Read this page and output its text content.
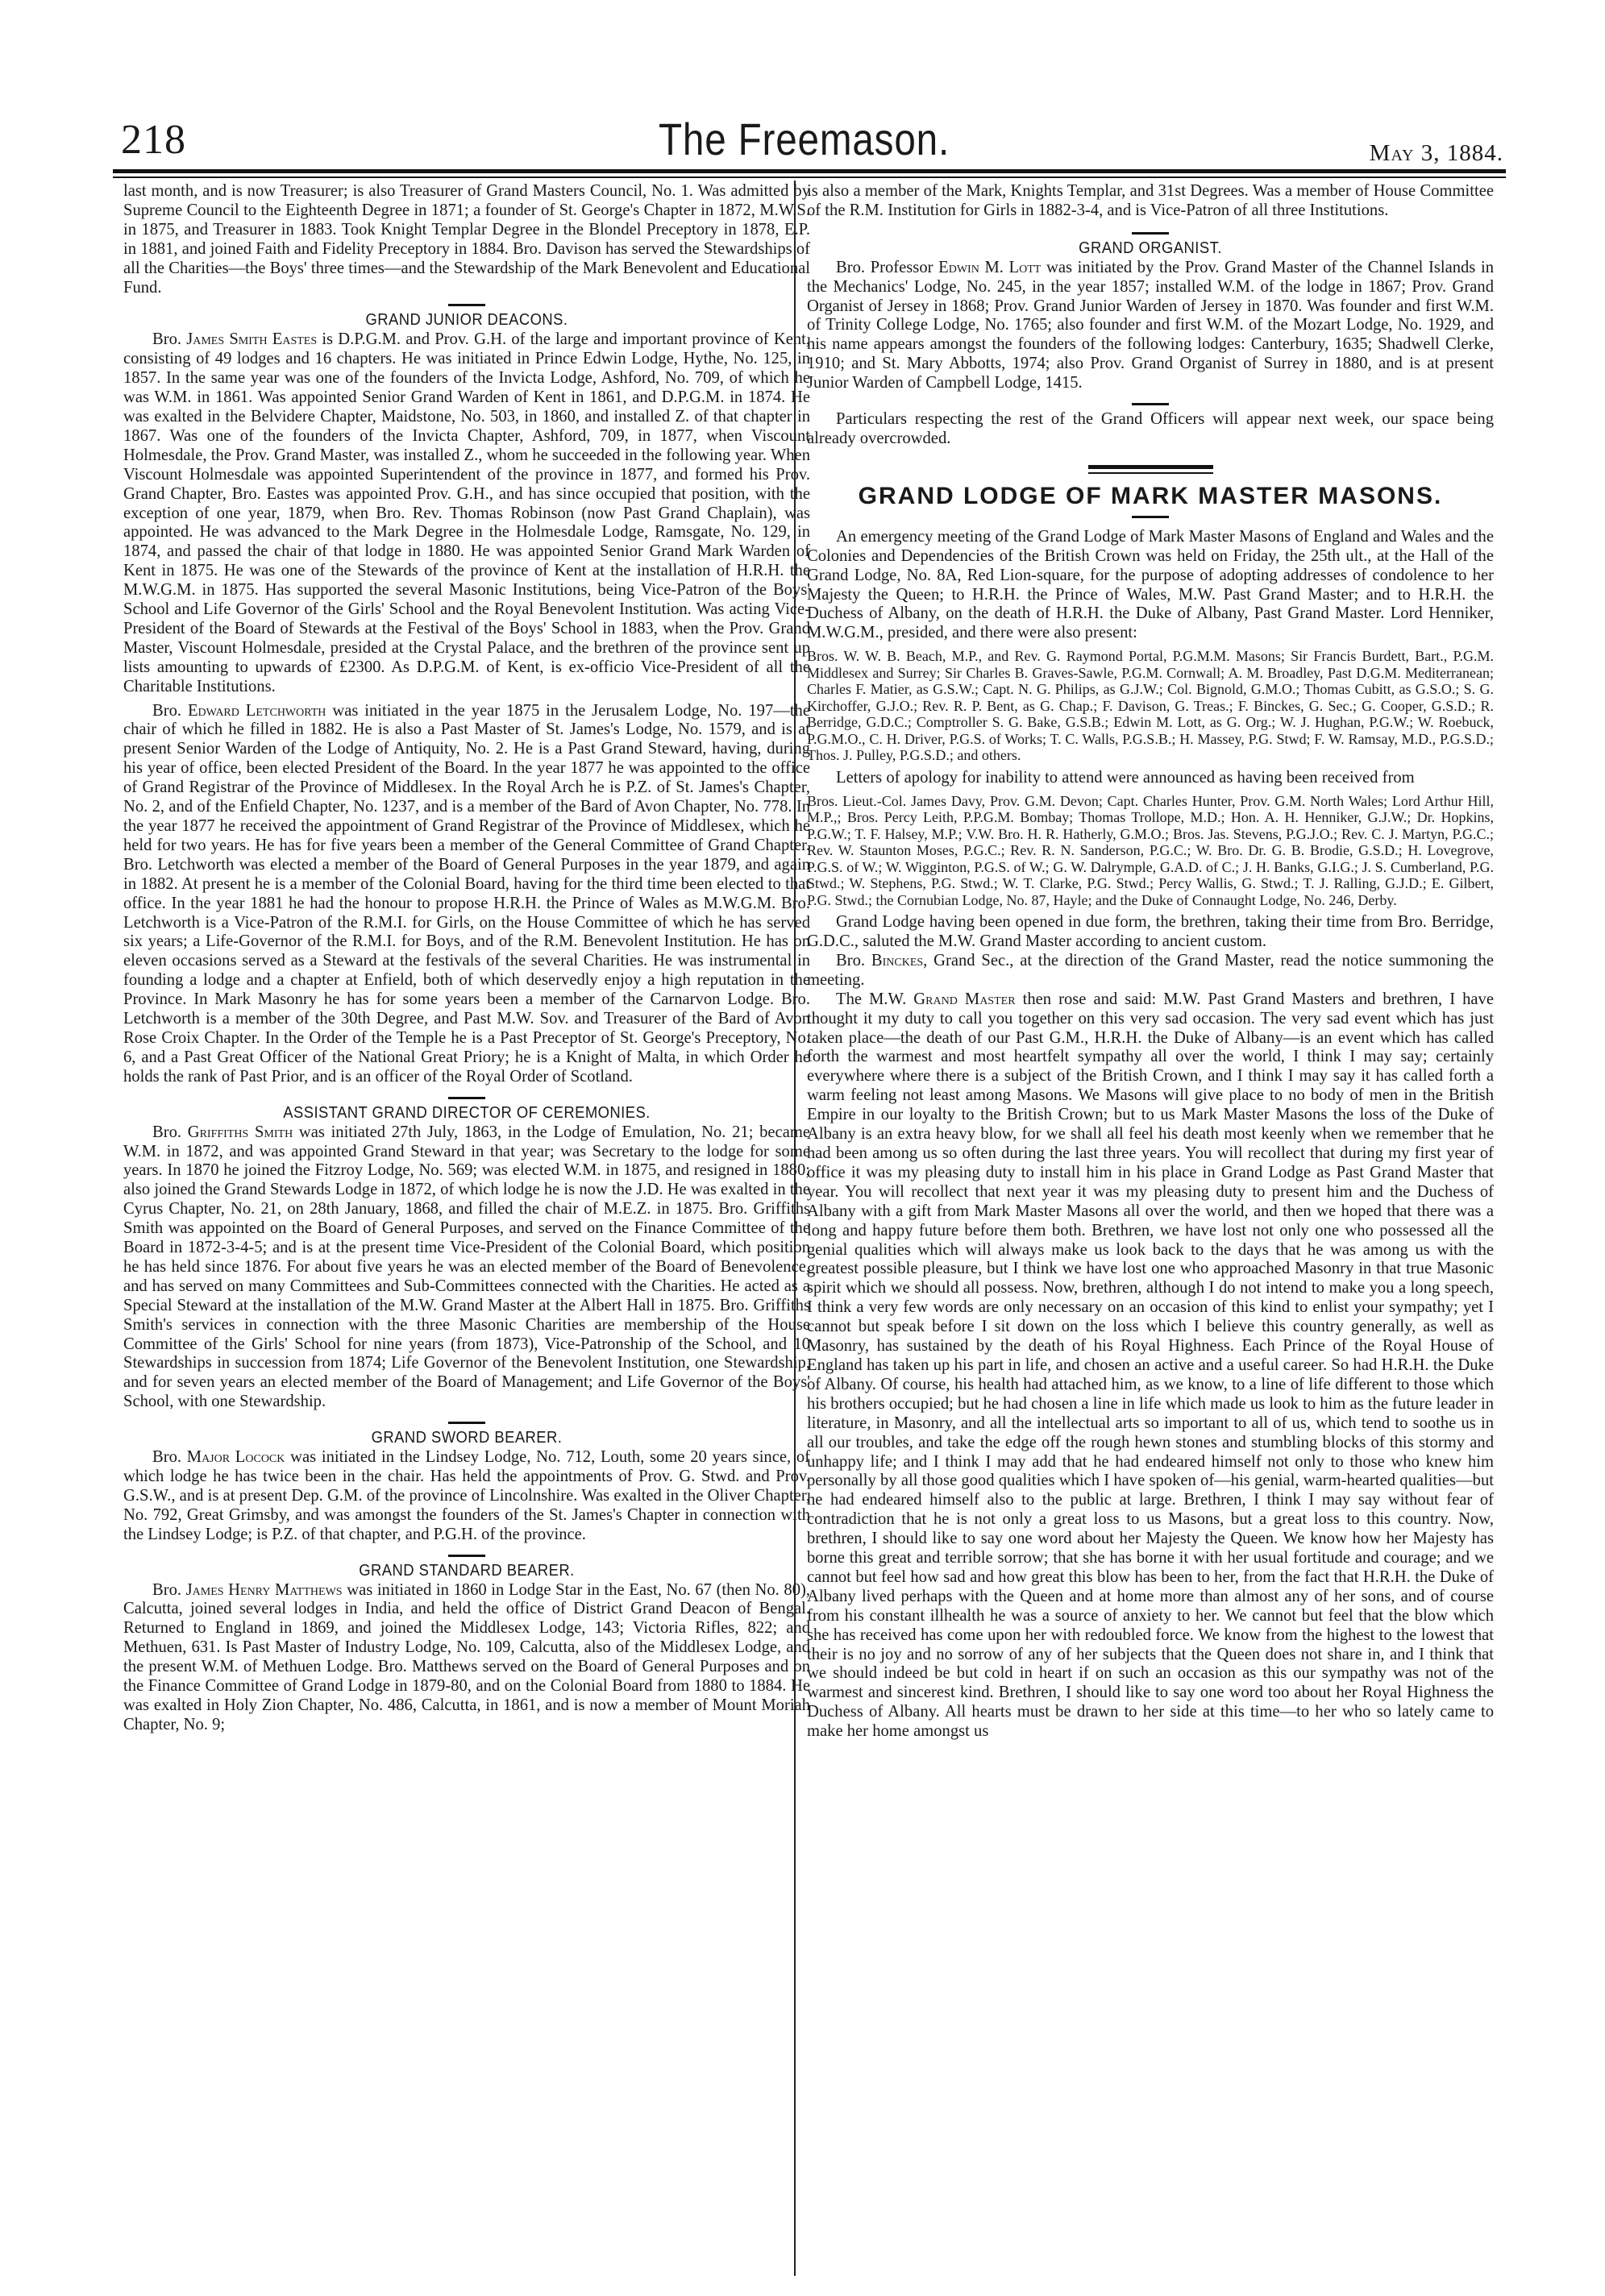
218	The Freemason.	May 3, 1884.

last month, and is now Treasurer; is also Treasurer of Grand Masters Council, No. 1. Was admitted by Supreme Council to the Eighteenth Degree in 1871; a founder of St. George's Chapter in 1872, M.W.S. in 1875, and Treasurer in 1883. Took Knight Templar Degree in the Blondel Preceptory in 1878, E.P. in 1881, and joined Faith and Fidelity Preceptory in 1884. Bro. Davison has served the Stewardships of all the Charities—the Boys' three times—and the Stewardship of the Mark Benevolent and Educational Fund.

GRAND JUNIOR DEACONS.

Bro. James Smith Eastes is D.P.G.M. and Prov. G.H. of the large and important province of Kent, consisting of 49 lodges and 16 chapters. He was initiated in Prince Edwin Lodge, Hythe, No. 125, in 1857. In the same year was one of the founders of the Invicta Lodge, Ashford, No. 709, of which he was W.M. in 1861. Was appointed Senior Grand Warden of Kent in 1861, and D.P.G.M. in 1874. He was exalted in the Belvidere Chapter, Maidstone, No. 503, in 1860, and installed Z. of that chapter in 1867. Was one of the founders of the Invicta Chapter, Ashford, 709, in 1877, when Viscount Holmesdale, the Prov. Grand Master, was installed Z., whom he succeeded in the following year. When Viscount Holmesdale was appointed Superintendent of the province in 1877, and formed his Prov. Grand Chapter, Bro. Eastes was appointed Prov. G.H., and has since occupied that position, with the exception of one year, 1879, when Bro. Rev. Thomas Robinson (now Past Grand Chaplain), was appointed. He was advanced to the Mark Degree in the Holmesdale Lodge, Ramsgate, No. 129, in 1874, and passed the chair of that lodge in 1880. He was appointed Senior Grand Mark Warden of Kent in 1875. He was one of the Stewards of the province of Kent at the installation of H.R.H. the M.W.G.M. in 1875. Has supported the several Masonic Institutions, being Vice-Patron of the Boys' School and Life Governor of the Girls' School and the Royal Benevolent Institution. Was acting Vice-President of the Board of Stewards at the Festival of the Boys' School in 1883, when the Prov. Grand Master, Viscount Holmesdale, presided at the Crystal Palace, and the brethren of the province sent up lists amounting to upwards of £2300. As D.P.G.M. of Kent, is ex-officio Vice-President of all the Charitable Institutions.

Bro. Edward Letchworth was initiated in the year 1875 in the Jerusalem Lodge, No. 197—the chair of which he filled in 1882. He is also a Past Master of St. James's Lodge, No. 1579, and is at present Senior Warden of the Lodge of Antiquity, No. 2. He is a Past Grand Steward, having, during his year of office, been elected President of the Board. In the year 1877 he was appointed to the office of Grand Registrar of the Province of Middlesex. In the Royal Arch he is P.Z. of St. James's Chapter, No. 2, and of the Enfield Chapter, No. 1237, and is a member of the Bard of Avon Chapter, No. 778. In the year 1877 he received the appointment of Grand Registrar of the Province of Middlesex, which he held for two years. He has for five years been a member of the General Committee of Grand Chapter. Bro. Letchworth was elected a member of the Board of General Purposes in the year 1879, and again in 1882. At present he is a member of the Colonial Board, having for the third time been elected to that office. In the year 1881 he had the honour to propose H.R.H. the Prince of Wales as M.W.G.M. Bro. Letchworth is a Vice-Patron of the R.M.I. for Girls, on the House Committee of which he has served six years; a Life-Governor of the R.M.I. for Boys, and of the R.M. Benevolent Institution. He has on eleven occasions served as a Steward at the festivals of the several Charities. He was instrumental in founding a lodge and a chapter at Enfield, both of which deservedly enjoy a high reputation in the Province. In Mark Masonry he has for some years been a member of the Carnarvon Lodge. Bro. Letchworth is a member of the 30th Degree, and Past M.W. Sov. and Treasurer of the Bard of Avon Rose Croix Chapter. In the Order of the Temple he is a Past Preceptor of St. George's Preceptory, No. 6, and a Past Great Officer of the National Great Priory; he is a Knight of Malta, in which Order he holds the rank of Past Prior, and is an officer of the Royal Order of Scotland.

ASSISTANT GRAND DIRECTOR OF CEREMONIES.

Bro. Griffiths Smith was initiated 27th July, 1863, in the Lodge of Emulation, No. 21; became W.M. in 1872, and was appointed Grand Steward in that year; was Secretary to the lodge for some years. In 1870 he joined the Fitzroy Lodge, No. 569; was elected W.M. in 1875, and resigned in 1880; also joined the Grand Stewards Lodge in 1872, of which lodge he is now the J.D. He was exalted in the Cyrus Chapter, No. 21, on 28th January, 1868, and filled the chair of M.E.Z. in 1875. Bro. Griffiths Smith was appointed on the Board of General Purposes, and served on the Finance Committee of the Board in 1872-3-4-5; and is at the present time Vice-President of the Colonial Board, which position he has held since 1876. For about five years he was an elected member of the Board of Benevolence, and has served on many Committees and Sub-Committees connected with the Charities. He acted as a Special Steward at the installation of the M.W. Grand Master at the Albert Hall in 1875. Bro. Griffiths Smith's services in connection with the three Masonic Charities are membership of the House Committee of the Girls' School for nine years (from 1873), Vice-Patronship of the School, and 10 Stewardships in succession from 1874; Life Governor of the Benevolent Institution, one Stewardship, and for seven years an elected member of the Board of Management; and Life Governor of the Boys' School, with one Stewardship.

GRAND SWORD BEARER.

Bro. Major Locock was initiated in the Lindsey Lodge, No. 712, Louth, some 20 years since, of which lodge he has twice been in the chair. Has held the appointments of Prov. G. Stwd. and Prov. G.S.W., and is at present Dep. G.M. of the province of Lincolnshire. Was exalted in the Oliver Chapter, No. 792, Great Grimsby, and was amongst the founders of the St. James's Chapter in connection with the Lindsey Lodge; is P.Z. of that chapter, and P.G.H. of the province.

GRAND STANDARD BEARER.

Bro. James Henry Matthews was initiated in 1860 in Lodge Star in the East, No. 67 (then No. 80), Calcutta, joined several lodges in India, and held the office of District Grand Deacon of Bengal. Returned to England in 1869, and joined the Middlesex Lodge, 143; Victoria Rifles, 822; and Methuen, 631. Is Past Master of Industry Lodge, No. 109, Calcutta, also of the Middlesex Lodge, and the present W.M. of Methuen Lodge. Bro. Matthews served on the Board of General Purposes and on the Finance Committee of Grand Lodge in 1879-80, and on the Colonial Board from 1880 to 1884. He was exalted in Holy Zion Chapter, No. 486, Calcutta, in 1861, and is now a member of Mount Moriah Chapter, No. 9;

is also a member of the Mark, Knights Templar, and 31st Degrees. Was a member of House Committee of the R.M. Institution for Girls in 1882-3-4, and is Vice-Patron of all three Institutions.

GRAND ORGANIST.

Bro. Professor Edwin M. Lott was initiated by the Prov. Grand Master of the Channel Islands in the Mechanics' Lodge, No. 245, in the year 1857; installed W.M. of the lodge in 1867; Prov. Grand Organist of Jersey in 1868; Prov. Grand Junior Warden of Jersey in 1870. Was founder and first W.M. of Trinity College Lodge, No. 1765; also founder and first W.M. of the Mozart Lodge, No. 1929, and his name appears amongst the founders of the following lodges: Canterbury, 1635; Shadwell Clerke, 1910; and St. Mary Abbotts, 1974; also Prov. Grand Organist of Surrey in 1880, and is at present Junior Warden of Campbell Lodge, 1415.

Particulars respecting the rest of the Grand Officers will appear next week, our space being already overcrowded.

GRAND LODGE OF MARK MASTER MASONS.

An emergency meeting of the Grand Lodge of Mark Master Masons of England and Wales and the Colonies and Dependencies of the British Crown was held on Friday, the 25th ult., at the Hall of the Grand Lodge, No. 8A, Red Lion-square, for the purpose of adopting addresses of condolence to her Majesty the Queen; to H.R.H. the Prince of Wales, M.W. Past Grand Master; and to H.R.H. the Duchess of Albany, on the death of H.R.H. the Duke of Albany, Past Grand Master. Lord Henniker, M.W.G.M., presided, and there were also present:

Bros. W. W. B. Beach, M.P., and Rev. G. Raymond Portal, P.G.M.M. Masons; Sir Francis Burdett, Bart., P.G.M. Middlesex and Surrey; Sir Charles B. Graves-Sawle, P.G.M. Cornwall; A. M. Broadley, Past D.G.M. Mediterranean; Charles F. Matier, as G.S.W.; Capt. N. G. Philips, as G.J.W.; Col. Bignold, G.M.O.; Thomas Cubitt, as G.S.O.; S. G. Kirchoffer, G.J.O.; Rev. R. P. Bent, as G. Chap.; F. Davison, G. Treas.; F. Binckes, G. Sec.; G. Cooper, G.S.D.; R. Berridge, G.D.C.; Comptroller S. G. Bake, G.S.B.; Edwin M. Lott, as G. Org.; W. J. Hughan, P.G.W.; W. Roebuck, P.G.M.O., C. H. Driver, P.G.S. of Works; T. C. Walls, P.G.S.B.; H. Massey, P.G. Stwd; F. W. Ramsay, M.D., P.G.S.D.; Thos. J. Pulley, P.G.S.D.; and others.

Letters of apology for inability to attend were announced as having been received from

Bros. Lieut.-Col. James Davy, Prov. G.M. Devon; Capt. Charles Hunter, Prov. G.M. North Wales; Lord Arthur Hill, M.P.,; Bros. Percy Leith, P.P.G.M. Bombay; Thomas Trollope, M.D.; Hon. A. H. Henniker, G.J.W.; Dr. Hopkins, P.G.W.; T. F. Halsey, M.P.; V.W. Bro. H. R. Hatherly, G.M.O.; Bros. Jas. Stevens, P.G.J.O.; Rev. C. J. Martyn, P.G.C.; Rev. W. Staunton Moses, P.G.C.; Rev. R. N. Sanderson, P.G.C.; W. Bro. Dr. G. B. Brodie, G.S.D.; H. Lovegrove, P.G.S. of W.; W. Wigginton, P.G.S. of W.; G. W. Dalrymple, G.A.D. of C.; J. H. Banks, G.I.G.; J. S. Cumberland, P.G. Stwd.; W. Stephens, P.G. Stwd.; W. T. Clarke, P.G. Stwd.; Percy Wallis, G. Stwd.; T. J. Ralling, G.J.D.; E. Gilbert, P.G. Stwd.; the Cornubian Lodge, No. 87, Hayle; and the Duke of Connaught Lodge, No. 246, Derby.

Grand Lodge having been opened in due form, the brethren, taking their time from Bro. Berridge, G.D.C., saluted the M.W. Grand Master according to ancient custom.

Bro. Binckes, Grand Sec., at the direction of the Grand Master, read the notice summoning the meeting.

The M.W. Grand Master then rose and said: M.W. Past Grand Masters and brethren, I have thought it my duty to call you together on this very sad occasion. The very sad event which has just taken place—the death of our Past G.M., H.R.H. the Duke of Albany—is an event which has called forth the warmest and most heartfelt sympathy all over the world, I think I may say; certainly everywhere where there is a subject of the British Crown, and I think I may say it has called forth a warm feeling not least among Masons. We Masons will give place to no body of men in the British Empire in our loyalty to the British Crown; but to us Mark Master Masons the loss of the Duke of Albany is an extra heavy blow, for we shall all feel his death most keenly when we remember that he had been among us so often during the last three years. You will recollect that during my first year of office it was my pleasing duty to install him in his place in Grand Lodge as Past Grand Master that year. You will recollect that next year it was my pleasing duty to present him and the Duchess of Albany with a gift from Mark Master Masons all over the world, and then we hoped that there was a long and happy future before them both. Brethren, we have lost not only one who possessed all the genial qualities which will always make us look back to the days that he was among us with the greatest possible pleasure, but I think we have lost one who approached Masonry in that true Masonic spirit which we should all possess. Now, brethren, although I do not intend to make you a long speech, I think a very few words are only necessary on an occasion of this kind to enlist your sympathy; yet I cannot but speak before I sit down on the loss which I believe this country generally, as well as Masonry, has sustained by the death of his Royal Highness. Each Prince of the Royal House of England has taken up his part in life, and chosen an active and a useful career. So had H.R.H. the Duke of Albany. Of course, his health had attached him, as we know, to a line of life different to those which his brothers occupied; but he had chosen a line in life which made us look to him as the future leader in literature, in Masonry, and all the intellectual arts so important to all of us, which tend to soothe us in all our troubles, and take the edge off the rough hewn stones and stumbling blocks of this stormy and unhappy life; and I think I may add that he had endeared himself not only to those who knew him personally by all those good qualities which I have spoken of—his genial, warm-hearted qualities—but he had endeared himself also to the public at large. Brethren, I think I may say without fear of contradiction that he is not only a great loss to us Masons, but a great loss to this country. Now, brethren, I should like to say one word about her Majesty the Queen. We know how her Majesty has borne this great and terrible sorrow; that she has borne it with her usual fortitude and courage; and we cannot but feel how sad and how great this blow has been to her, from the fact that H.R.H. the Duke of Albany lived perhaps with the Queen and at home more than almost any of her sons, and of course from his constant illhealth he was a source of anxiety to her. We cannot but feel that the blow which she has received has come upon her with redoubled force. We know from the highest to the lowest that their is no joy and no sorrow of any of her subjects that the Queen does not share in, and I think that we should indeed be but cold in heart if on such an occasion as this our sympathy was not of the warmest and sincerest kind. Brethren, I should like to say one word too about her Royal Highness the Duchess of Albany. All hearts must be drawn to her side at this time—to her who so lately came to make her home amongst us
